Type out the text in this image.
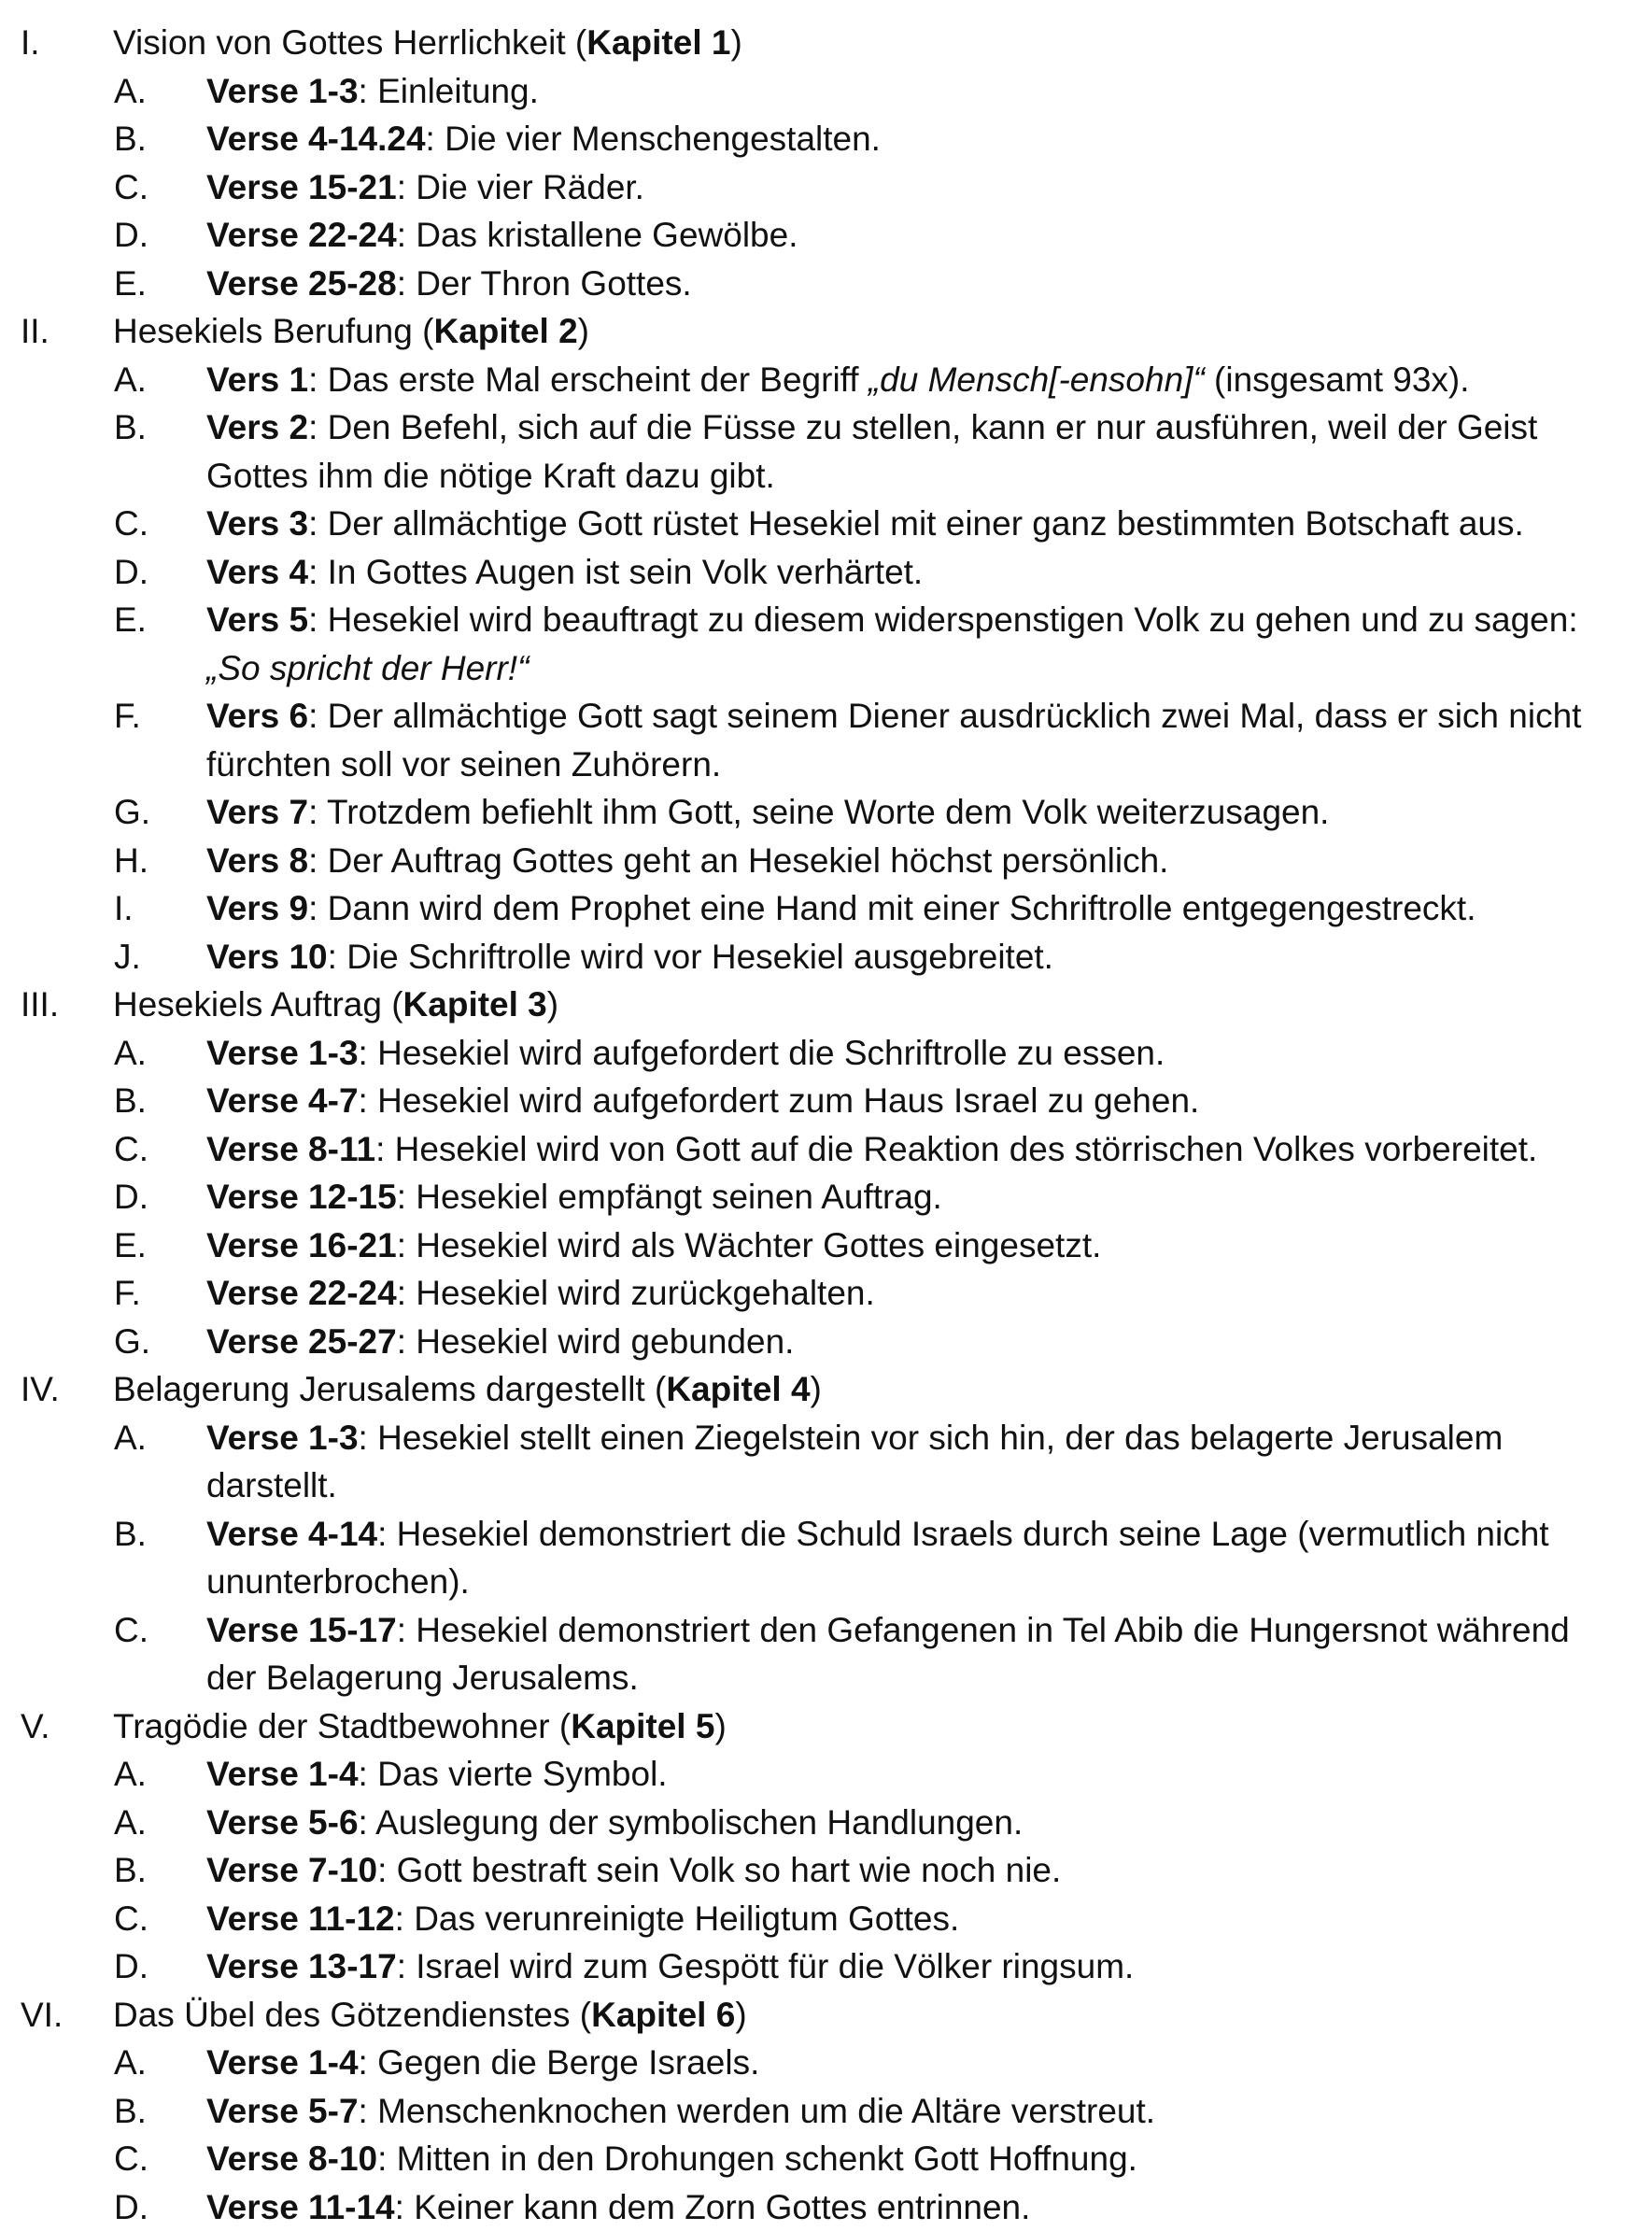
I. Vision von Gottes Herrlichkeit (Kapitel 1)
A. Verse 1-3: Einleitung.
B. Verse 4-14.24: Die vier Menschengestalten.
C. Verse 15-21: Die vier Räder.
D. Verse 22-24: Das kristallene Gewölbe.
E. Verse 25-28: Der Thron Gottes.
II. Hesekiels Berufung (Kapitel 2)
A. Vers 1: Das erste Mal erscheint der Begriff „du Mensch[-ensohn]“ (insgesamt 93x).
B. Vers 2: Den Befehl, sich auf die Füsse zu stellen, kann er nur ausführen, weil der Geist
Gottes ihm die nötige Kraft dazu gibt.
C. Vers 3: Der allmächtige Gott rüstet Hesekiel mit einer ganz bestimmten Botschaft aus.
D. Vers 4: In Gottes Augen ist sein Volk verhärtet.
E. Vers 5: Hesekiel wird beauftragt zu diesem widerspenstigen Volk zu gehen und zu sagen:
„So spricht der Herr!“
F. Vers 6: Der allmächtige Gott sagt seinem Diener ausdrücklich zwei Mal, dass er sich nicht
fürchten soll vor seinen Zuhörern.
G. Vers 7: Trotzdem befiehlt ihm Gott, seine Worte dem Volk weiterzusagen.
H. Vers 8: Der Auftrag Gottes geht an Hesekiel höchst persönlich.
I. Vers 9: Dann wird dem Prophet eine Hand mit einer Schriftrolle entgegengestreckt.
J. Vers 10: Die Schriftrolle wird vor Hesekiel ausgebreitet.
III. Hesekiels Auftrag (Kapitel 3)
A. Verse 1-3: Hesekiel wird aufgefordert die Schriftrolle zu essen.
B. Verse 4-7: Hesekiel wird aufgefordert zum Haus Israel zu gehen.
C. Verse 8-11: Hesekiel wird von Gott auf die Reaktion des störrischen Volkes vorbereitet.
D. Verse 12-15: Hesekiel empfängt seinen Auftrag.
E. Verse 16-21: Hesekiel wird als Wächter Gottes eingesetzt.
F. Verse 22-24: Hesekiel wird zurückgehalten.
G. Verse 25-27: Hesekiel wird gebunden.
IV. Belagerung Jerusalems dargestellt (Kapitel 4)
A. Verse 1-3: Hesekiel stellt einen Ziegelstein vor sich hin, der das belagerte Jerusalem
darstellt.
B. Verse 4-14: Hesekiel demonstriert die Schuld Israels durch seine Lage (vermutlich nicht
ununterbrochen).
C. Verse 15-17: Hesekiel demonstriert den Gefangenen in Tel Abib die Hungersnot während
der Belagerung Jerusalems.
V. Tragödie der Stadtbewohner (Kapitel 5)
A. Verse 1-4: Das vierte Symbol.
A. Verse 5-6: Auslegung der symbolischen Handlungen.
B. Verse 7-10: Gott bestraft sein Volk so hart wie noch nie.
C. Verse 11-12: Das verunreinigte Heiligtum Gottes.
D. Verse 13-17: Israel wird zum Gespött für die Völker ringsum.
VI. Das Übel des Götzendienstes (Kapitel 6)
A. Verse 1-4: Gegen die Berge Israels.
B. Verse 5-7: Menschenknochen werden um die Altäre verstreut.
C. Verse 8-10: Mitten in den Drohungen schenkt Gott Hoffnung.
D. Verse 11-14: Keiner kann dem Zorn Gottes entrinnen.
